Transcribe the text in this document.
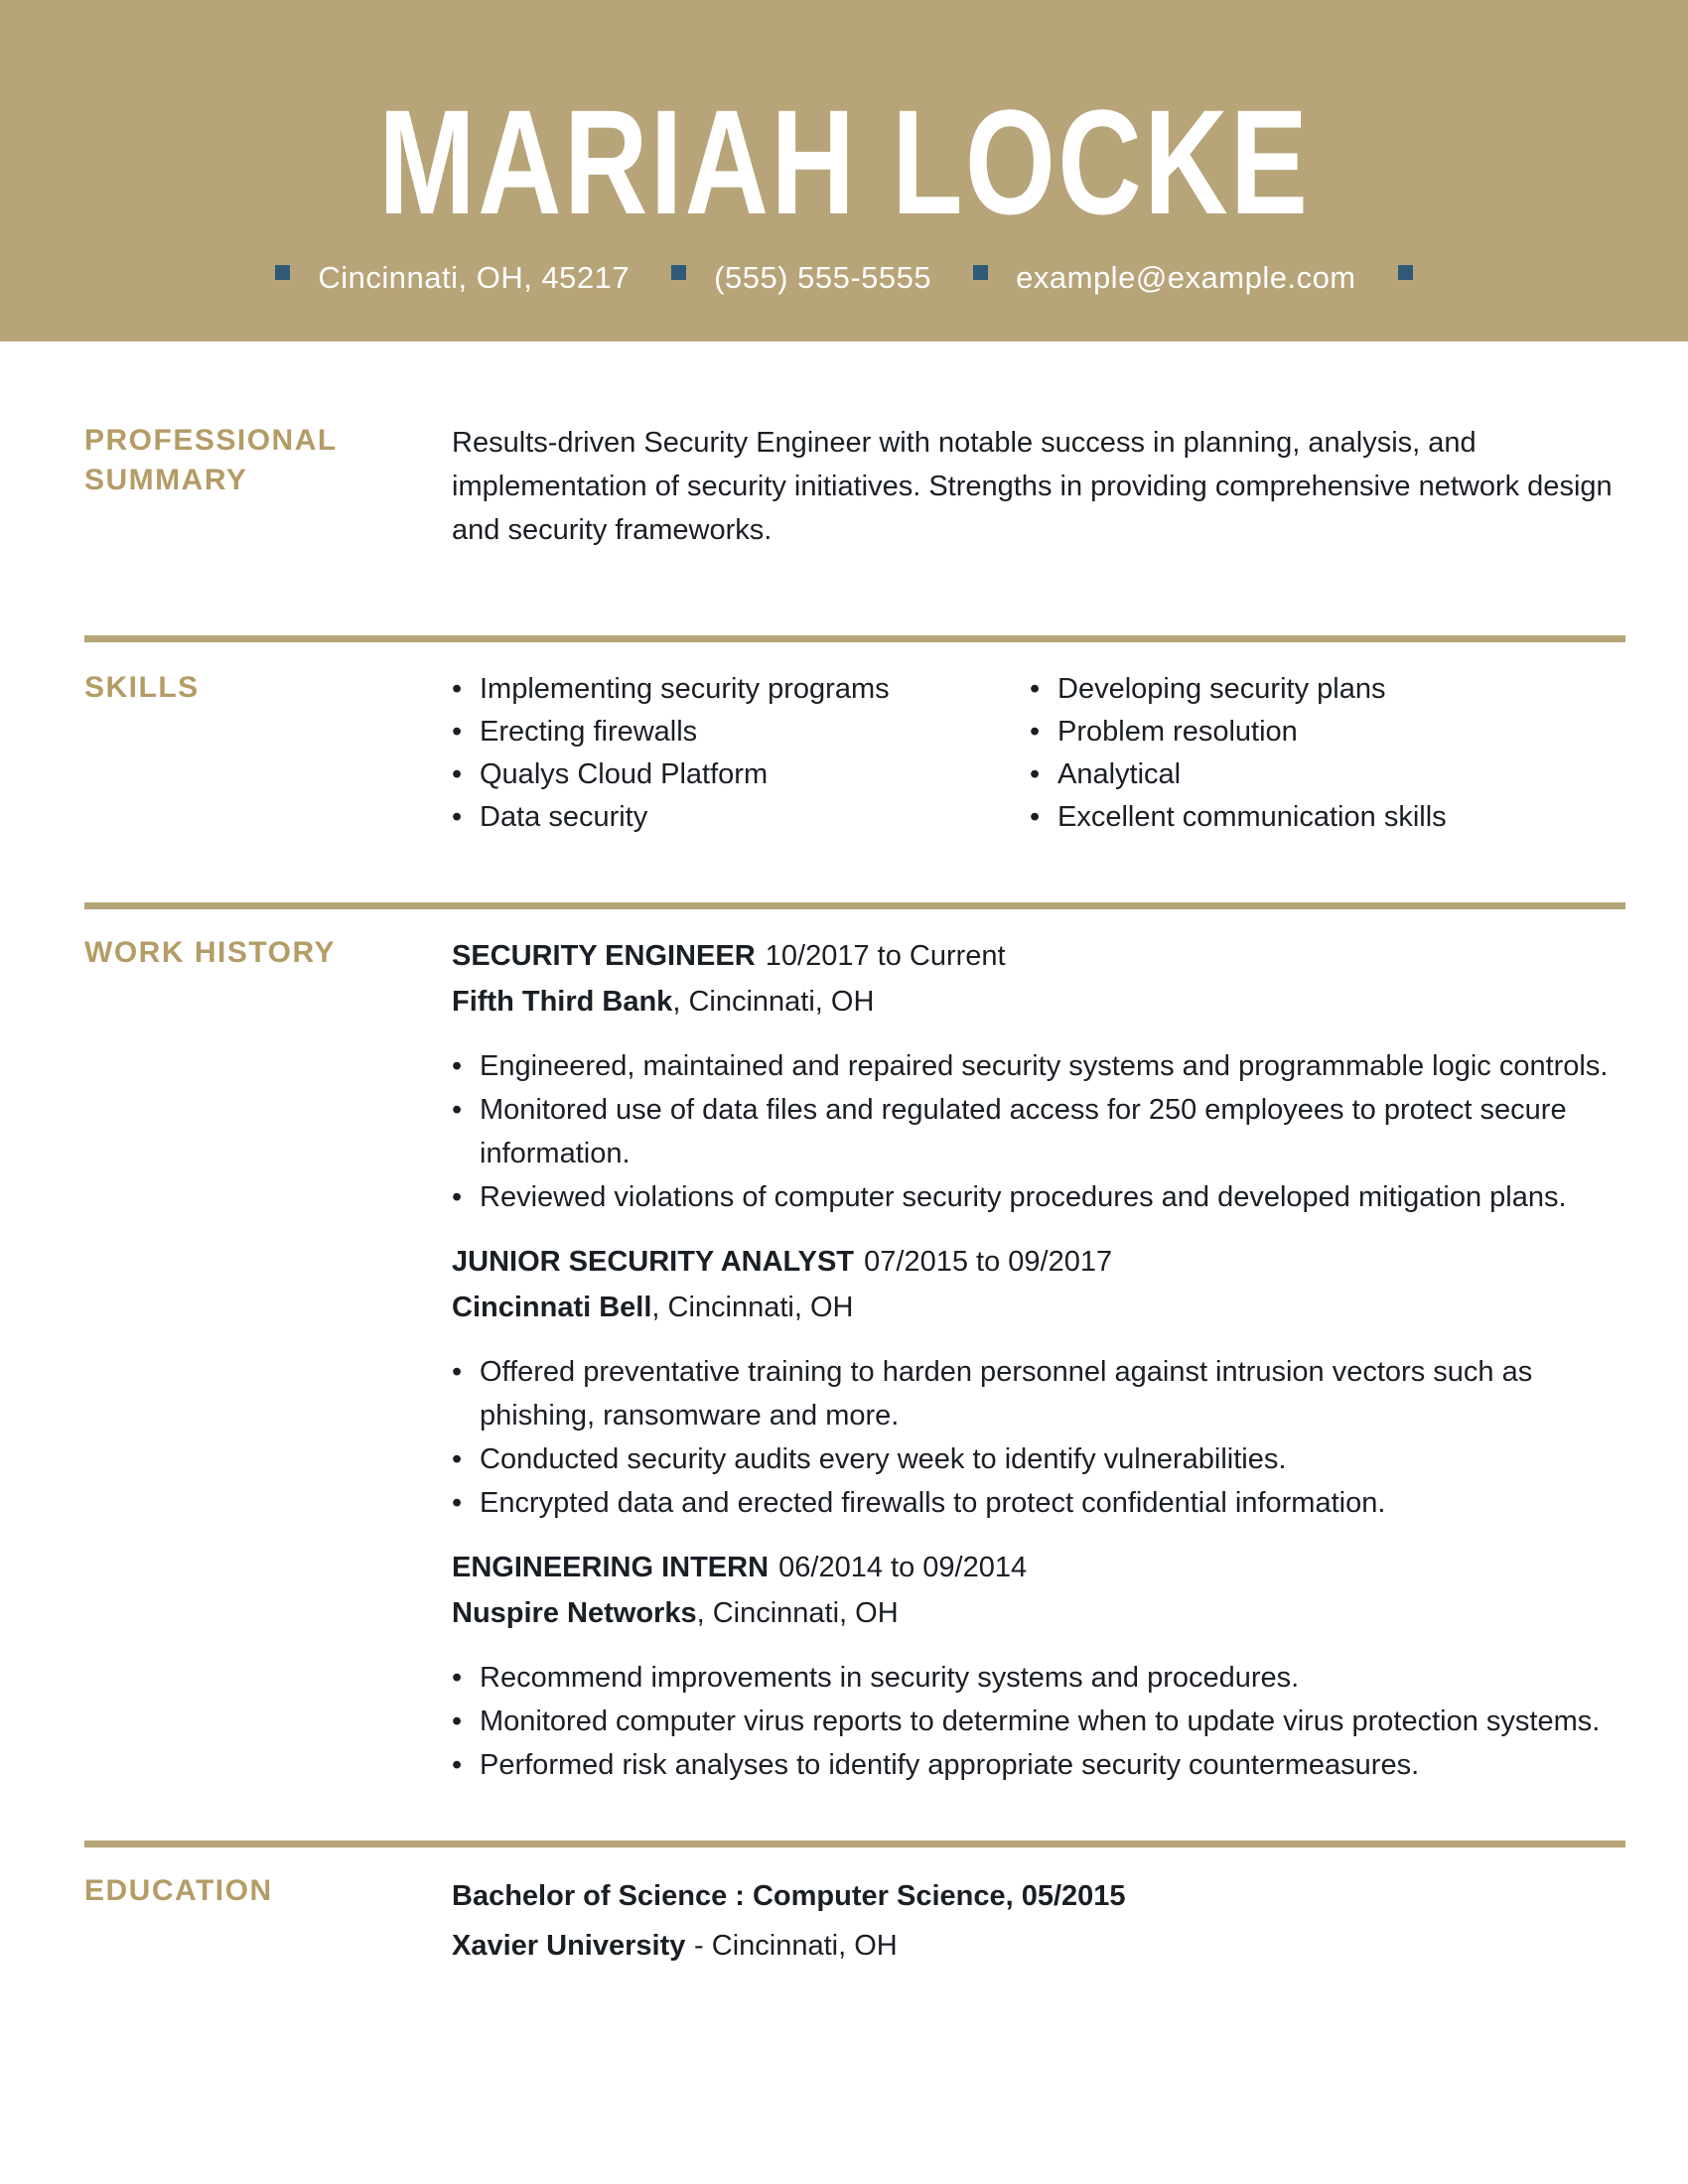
MARIAH LOCKE
Cincinnati, OH, 45217	(555) 555-5555	example@example.com
PROFESSIONAL SUMMARY

Results-driven Security Engineer with notable success in planning, analysis, and implementation of security initiatives. Strengths in providing comprehensive network design and security frameworks.

SKILLS	• Implementing security programs
• Erecting firewalls
• Qualys Cloud Platform
• Data security
• Developing security plans
• Problem resolution
• Analytical
• Excellent communication skills
WORK HISTORY	SECURITY ENGINEER 10/2017 to Current
Fifth Third Bank, Cincinnati, OH
• Engineered, maintained and repaired security systems and programmable logic controls.
• Monitored use of data files and regulated access for 250 employees to protect secure information.
• Reviewed violations of computer security procedures and developed mitigation plans.
JUNIOR SECURITY ANALYST 07/2015 to 09/2017
Cincinnati Bell, Cincinnati, OH
• Offered preventative training to harden personnel against intrusion vectors such as phishing, ransomware and more.
• Conducted security audits every week to identify vulnerabilities.
• Encrypted data and erected firewalls to protect confidential information.
ENGINEERING INTERN 06/2014 to 09/2014
Nuspire Networks, Cincinnati, OH
• Recommend improvements in security systems and procedures.
• Monitored computer virus reports to determine when to update virus protection systems.
• Performed risk analyses to identify appropriate security countermeasures.
EDUCATION	Bachelor of Science : Computer Science, 05/2015
Xavier University - Cincinnati, OH
